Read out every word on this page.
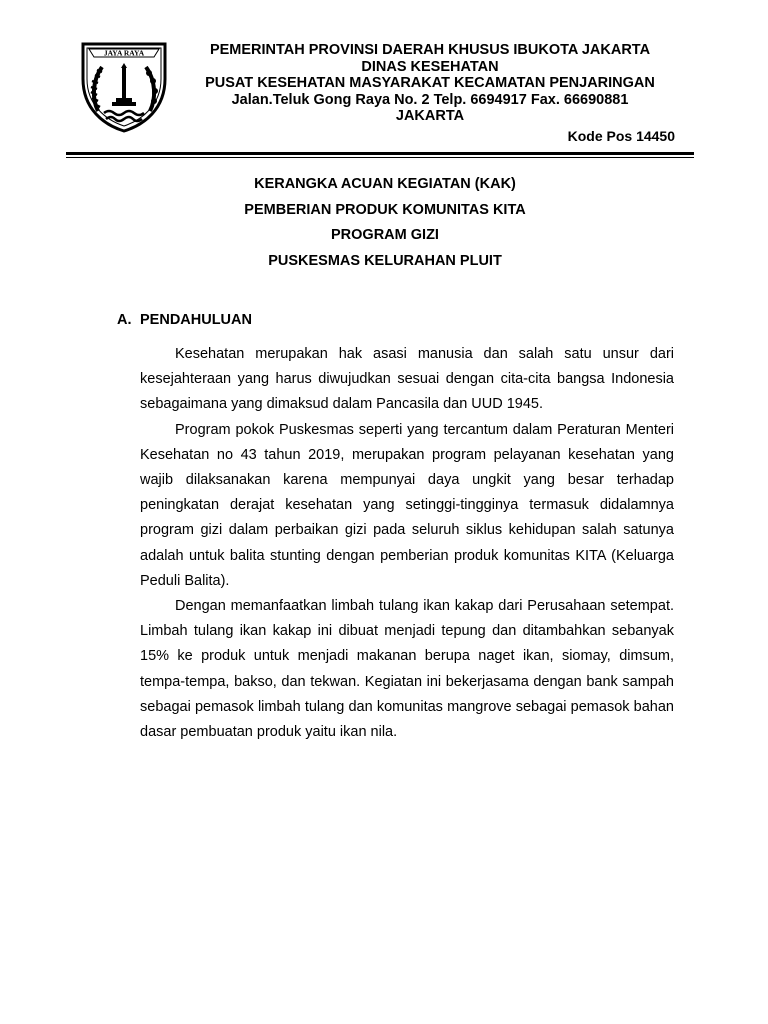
JAYA RAYA	PEMERINTAH PROVINSI DAERAH KHUSUS IBUKOTA JAKARTA
DINAS KESEHATAN
PUSAT KESEHATAN MASYARAKAT KECAMATAN PENJARINGAN
Jalan.Teluk Gong Raya No. 2 Telp. 6694917 Fax. 66690881
JAKARTA
Kode Pos 14450
KERANGKA ACUAN KEGIATAN (KAK)
PEMBERIAN PRODUK KOMUNITAS KITA
PROGRAM GIZI
PUSKESMAS KELURAHAN PLUIT
A. PENDAHULUAN

Kesehatan merupakan hak asasi manusia dan salah satu unsur dari kesejahteraan yang harus diwujudkan sesuai dengan cita-cita bangsa Indonesia sebagaimana yang dimaksud dalam Pancasila dan UUD 1945.

Program pokok Puskesmas seperti yang tercantum dalam Peraturan Menteri Kesehatan no 43 tahun 2019, merupakan program pelayanan kesehatan yang wajib dilaksanakan karena mempunyai daya ungkit yang besar terhadap peningkatan derajat kesehatan yang setinggi-tingginya termasuk didalamnya program gizi dalam perbaikan gizi pada seluruh siklus kehidupan salah satunya adalah untuk balita stunting dengan pemberian produk komunitas KITA (Keluarga Peduli Balita).

Dengan memanfaatkan limbah tulang ikan kakap dari Perusahaan setempat. Limbah tulang ikan kakap ini dibuat menjadi tepung dan ditambahkan sebanyak 15% ke produk untuk menjadi makanan berupa naget ikan, siomay, dimsum, tempa-tempa, bakso, dan tekwan. Kegiatan ini bekerjasama dengan bank sampah sebagai pemasok limbah tulang dan komunitas mangrove sebagai pemasok bahan dasar pembuatan produk yaitu ikan nila.
